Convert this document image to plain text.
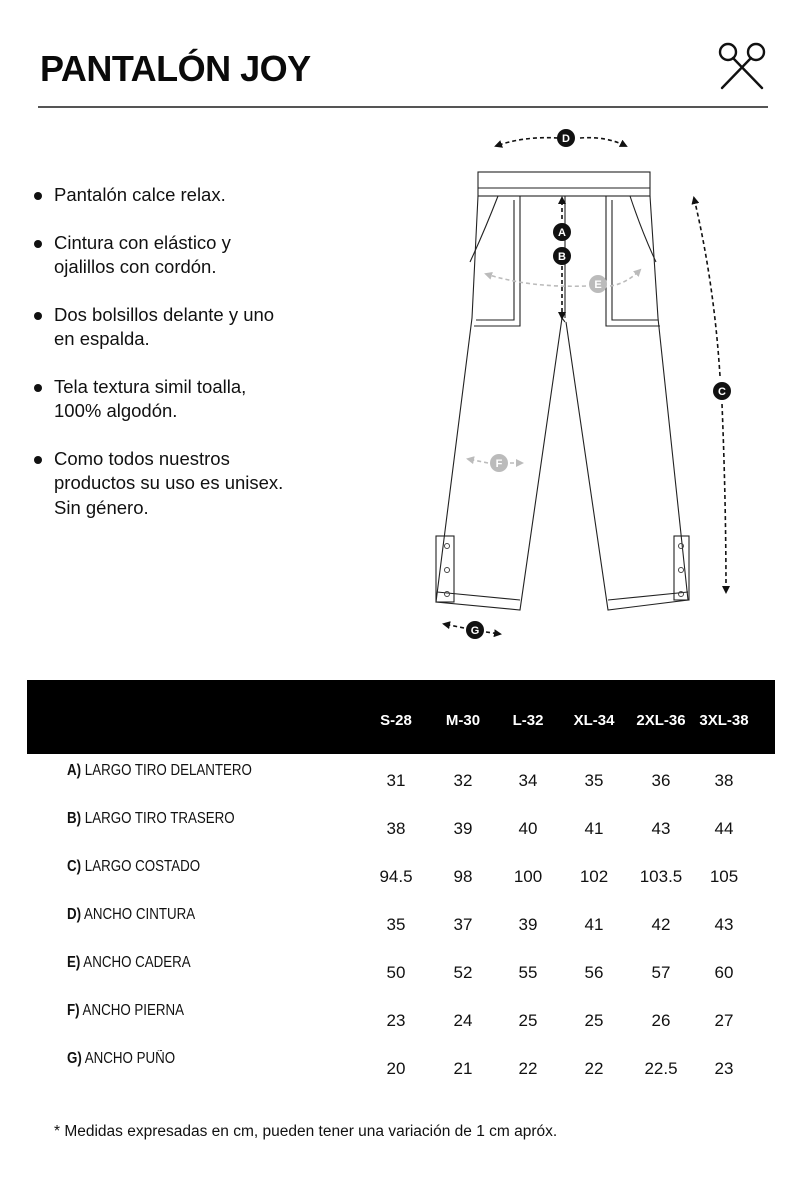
PANTALÓN JOY
Pantalón calce relax.
Cintura con elástico y
ojalillos con cordón.
Dos bolsillos delante y uno
en espalda.
Tela textura simil toalla,
100% algodón.
Como todos nuestros
productos su uso es unisex.
Sin género.
A
B
C
D
E
F
G
S-28	M-30	L-32	XL-34	2XL-36 3XL-38
A) LARGO TIRO DELANTERO
31	32	34	35	36	38
B) LARGO TIRO TRASERO
38	39	40	41	43	44
C) LARGO COSTADO
94.5	98	100	102	103.5	105
D) ANCHO CINTURA
35	37	39	41	42	43
E) ANCHO CADERA
50	52	55	56	57	60
F) ANCHO PIERNA
23	24	25	25	26	27
G) ANCHO PUÑO
20	21	22	22	22.5	23

* Medidas expresadas en cm, pueden tener una variación de 1 cm apróx.
